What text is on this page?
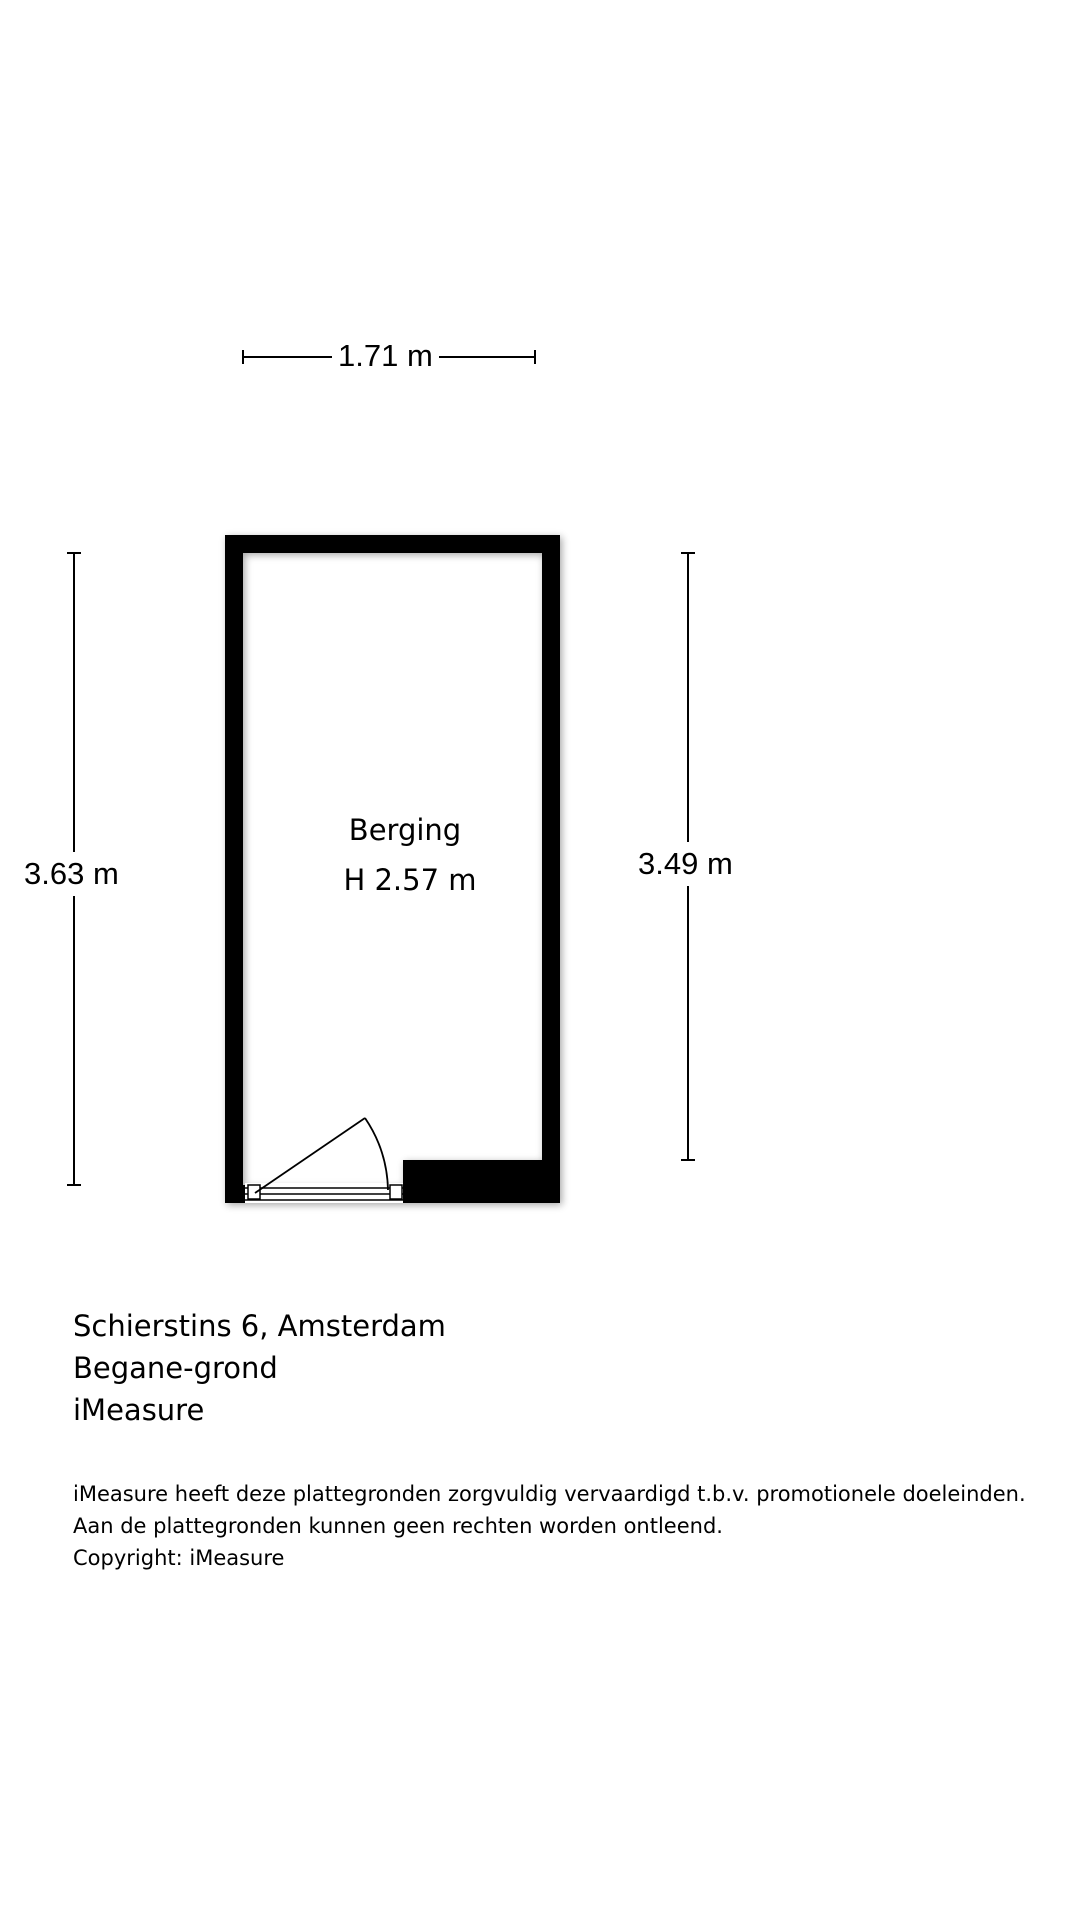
1.71 m
3.63 m	3.49 m
Berging
H 2.57 m
Schierstins 6, Amsterdam
Begane-grond
iMeasure
iMeasure heeft deze plattegronden zorgvuldig vervaardigd t.b.v. promotionele doeleinden.
Aan de plattegronden kunnen geen rechten worden ontleend.
Copyright: iMeasure
